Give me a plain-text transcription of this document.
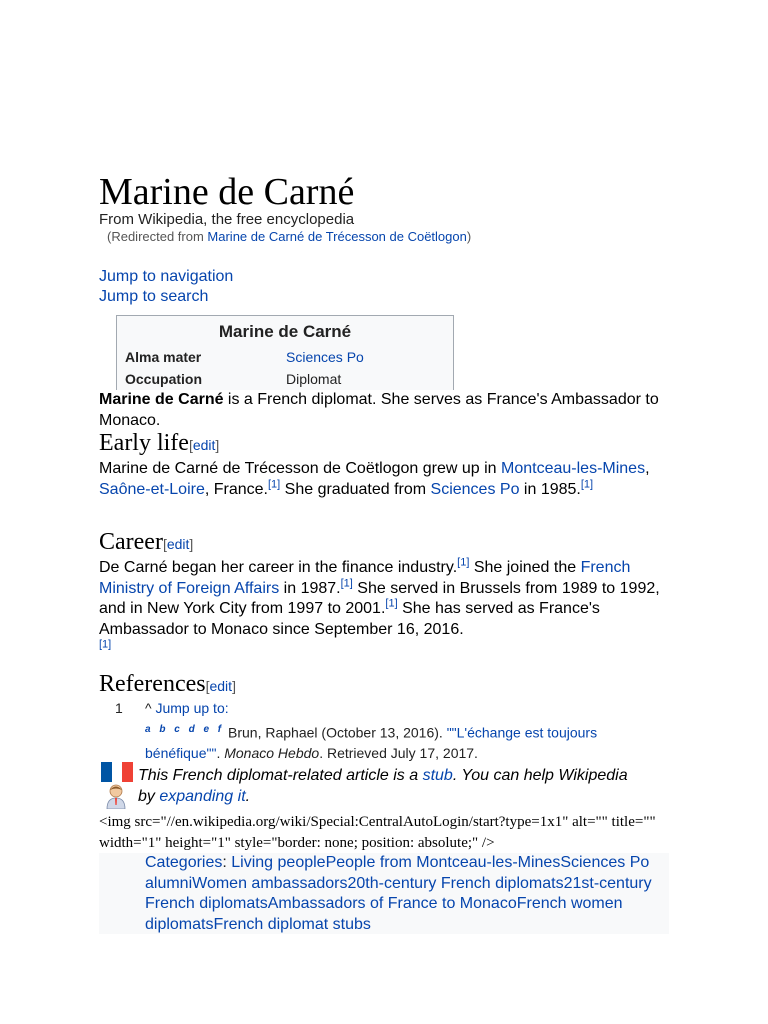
Marine de Carné
From Wikipedia, the free encyclopedia
(Redirected from Marine de Carné de Trécesson de Coëtlogon)
Jump to navigation
Jump to search
Marine de Carné
Alma mater	Sciences Po
Occupation	Diplomat
Marine de Carné is a French diplomat. She serves as France's Ambassador to Monaco.
Early life[edit]
Marine de Carné de Trécesson de Coëtlogon grew up in Montceau-les-Mines, Saône-et-Loire, France.[1] She graduated from Sciences Po in 1985.[1]
Career[edit]
De Carné began her career in the finance industry.[1] She joined the French Ministry of Foreign Affairs in 1987.[1] She served in Brussels from 1989 to 1992, and in New York City from 1997 to 2001.[1] She has served as France's Ambassador to Monaco since September 16, 2016.
[1]
References[edit]
1 ^ Jump up to:
$^{a b c d e f}$ Brun, Raphael (October 13, 2016). ""L'échange est toujours bénéfique"". Monaco Hebdo. Retrieved July 17, 2017.
This French diplomat-related article is a stub. You can help Wikipedia by expanding it.
<img src="//en.wikipedia.org/wiki/Special:CentralAutoLogin/start?type=1x1" alt="" title="" width="1" height="1" style="border: none; position: absolute;" />
Categories: Living peoplePeople from Montceau-les-MinesSciences Po alumniWomen ambassadors20th-century French diplomats21st-century French diplomatsAmbassadors of France to MonacoFrench women diplomatsFrench diplomat stubs
